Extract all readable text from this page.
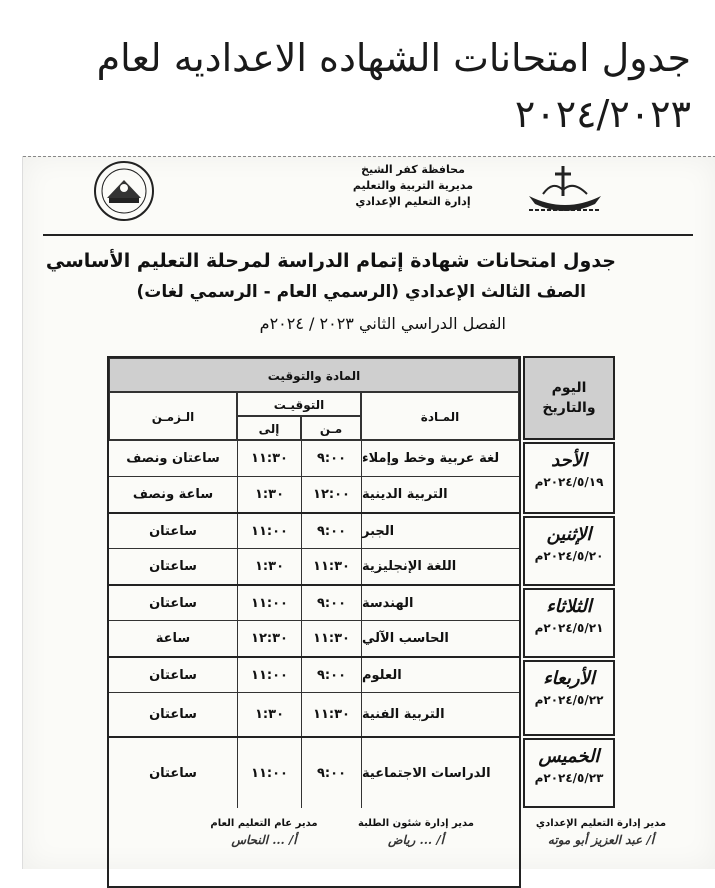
جدول امتحانات الشهاده الاعداديه لعام
٢٠٢٤/٢٠٢٣
محافظة كفر الشيخ
مديرية التربية والتعليم
إدارة التعليم الإعدادي
جدول امتحانات شهادة إتمام الدراسة لمرحلة التعليم الأساسي
الصف الثالث الإعدادي (الرسمي العام - الرسمي لغات)
الفصل الدراسي الثاني ٢٠٢٣ / ٢٠٢٤م
المادة والتوقيت
المـادة
التوقيـت
مـن
إلى
الـزمـن
لغة عربية وخط وإملاء
٩:٠٠
١١:٣٠
ساعتان ونصف
التربية الدينية
١٢:٠٠
١:٣٠
ساعة ونصف
الجبر
٩:٠٠
١١:٠٠
ساعتان
اللغة الإنجليزية
١١:٣٠
١:٣٠
ساعتان
الهندسة
٩:٠٠
١١:٠٠
ساعتان
الحاسب الآلي
١١:٣٠
١٢:٣٠
ساعة
العلوم
٩:٠٠
١١:٠٠
ساعتان
التربية الفنية
١١:٣٠
١:٣٠
ساعتان
الدراسات الاجتماعية
٩:٠٠
١١:٠٠
ساعتان
اليوم والتاريخ
الأحد
٢٠٢٤/٥/١٩م
الإثنين
٢٠٢٤/٥/٢٠م
الثلاثاء
٢٠٢٤/٥/٢١م
الأربعاء
٢٠٢٤/٥/٢٢م
الخميس
٢٠٢٤/٥/٢٣م
مدير إدارة التعليم الإعدادي
أ/ عبد العزيز أبو موته
مدير إدارة شئون الطلبة
أ/ ... رياض
مدير عام التعليم العام
أ/ ... النحاس
